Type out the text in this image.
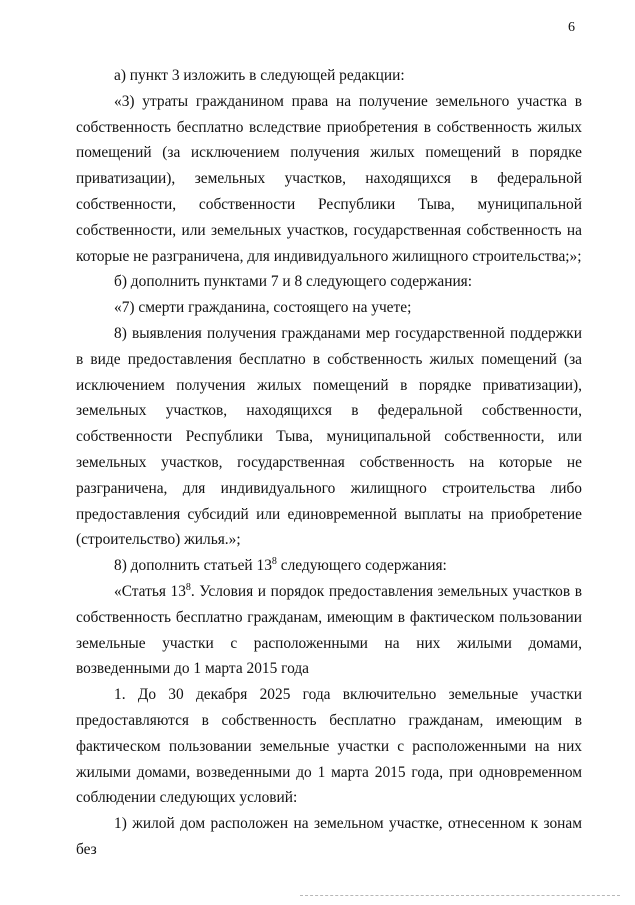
6

а) пункт 3 изложить в следующей редакции:

«3) утраты гражданином права на получение земельного участка в собственность бесплатно вследствие приобретения в собственность жилых помещений (за исключением получения жилых помещений в порядке приватизации), земельных участков, находящихся в федеральной собственности, собственности Республики Тыва, муниципальной собственности, или земельных участков, государственная собственность на которые не разграничена, для индивидуального жилищного строительства;»;

б) дополнить пунктами 7 и 8 следующего содержания:

«7) смерти гражданина, состоящего на учете;

8) выявления получения гражданами мер государственной поддержки в виде предоставления бесплатно в собственность жилых помещений (за исключением получения жилых помещений в порядке приватизации), земельных участков, находящихся в федеральной собственности, собственности Республики Тыва, муниципальной собственности, или земельных участков, государственная собственность на которые не разграничена, для индивидуального жилищного строительства либо предоставления субсидий или единовременной выплаты на приобретение (строительство) жилья.»;

8) дополнить статьей $13^8$ следующего содержания:

«Статья $13^8$. Условия и порядок предоставления земельных участков в собственность бесплатно гражданам, имеющим в фактическом пользовании земельные участки с расположенными на них жилыми домами, возведенными до 1 марта 2015 года

1. До 30 декабря 2025 года включительно земельные участки предоставляются в собственность бесплатно гражданам, имеющим в фактическом пользовании земельные участки с расположенными на них жилыми домами, возведенными до 1 марта 2015 года, при одновременном соблюдении следующих условий:

1) жилой дом расположен на земельном участке, отнесенном к зонам без
